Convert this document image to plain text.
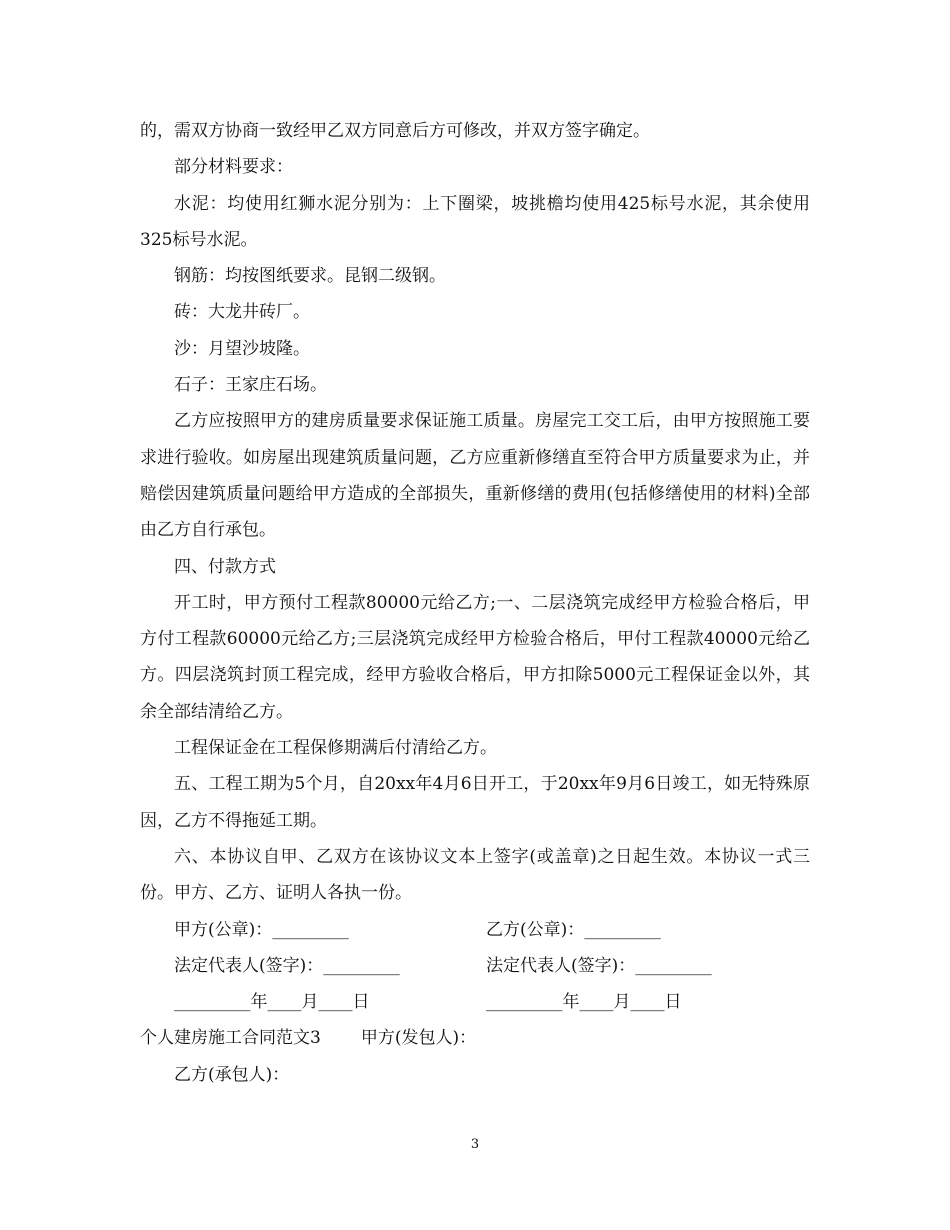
的，需双方协商一致经甲乙双方同意后方可修改，并双方签字确定。

部分材料要求：

水泥：均使用红狮水泥分别为：上下圈梁，坡挑檐均使用425标号水泥，其余使用325标号水泥。

钢筋：均按图纸要求。昆钢二级钢。

砖：大龙井砖厂。

沙：月望沙坡隆。

石子：王家庄石场。

乙方应按照甲方的建房质量要求保证施工质量。房屋完工交工后，由甲方按照施工要求进行验收。如房屋出现建筑质量问题，乙方应重新修缮直至符合甲方质量要求为止，并赔偿因建筑质量问题给甲方造成的全部损失，重新修缮的费用(包括修缮使用的材料)全部由乙方自行承包。

四、付款方式

开工时，甲方预付工程款80000元给乙方;一、二层浇筑完成经甲方检验合格后，甲方付工程款60000元给乙方;三层浇筑完成经甲方检验合格后，甲付工程款40000元给乙方。四层浇筑封顶工程完成，经甲方验收合格后，甲方扣除5000元工程保证金以外，其余全部结清给乙方。

工程保证金在工程保修期满后付清给乙方。

五、工程工期为5个月，自20xx年4月6日开工，于20xx年9月6日竣工，如无特殊原因，乙方不得拖延工期。

六、本协议自甲、乙双方在该协议文本上签字(或盖章)之日起生效。本协议一式三份。甲方、乙方、证明人各执一份。

甲方(公章)：_________	乙方(公章)：_________
法定代表人(签字)：_________	法定代表人(签字)：_________
_________年____月____日	_________年____月____日
个人建房施工合同范文3 甲方(发包人)：

乙方(承包人)：

3
